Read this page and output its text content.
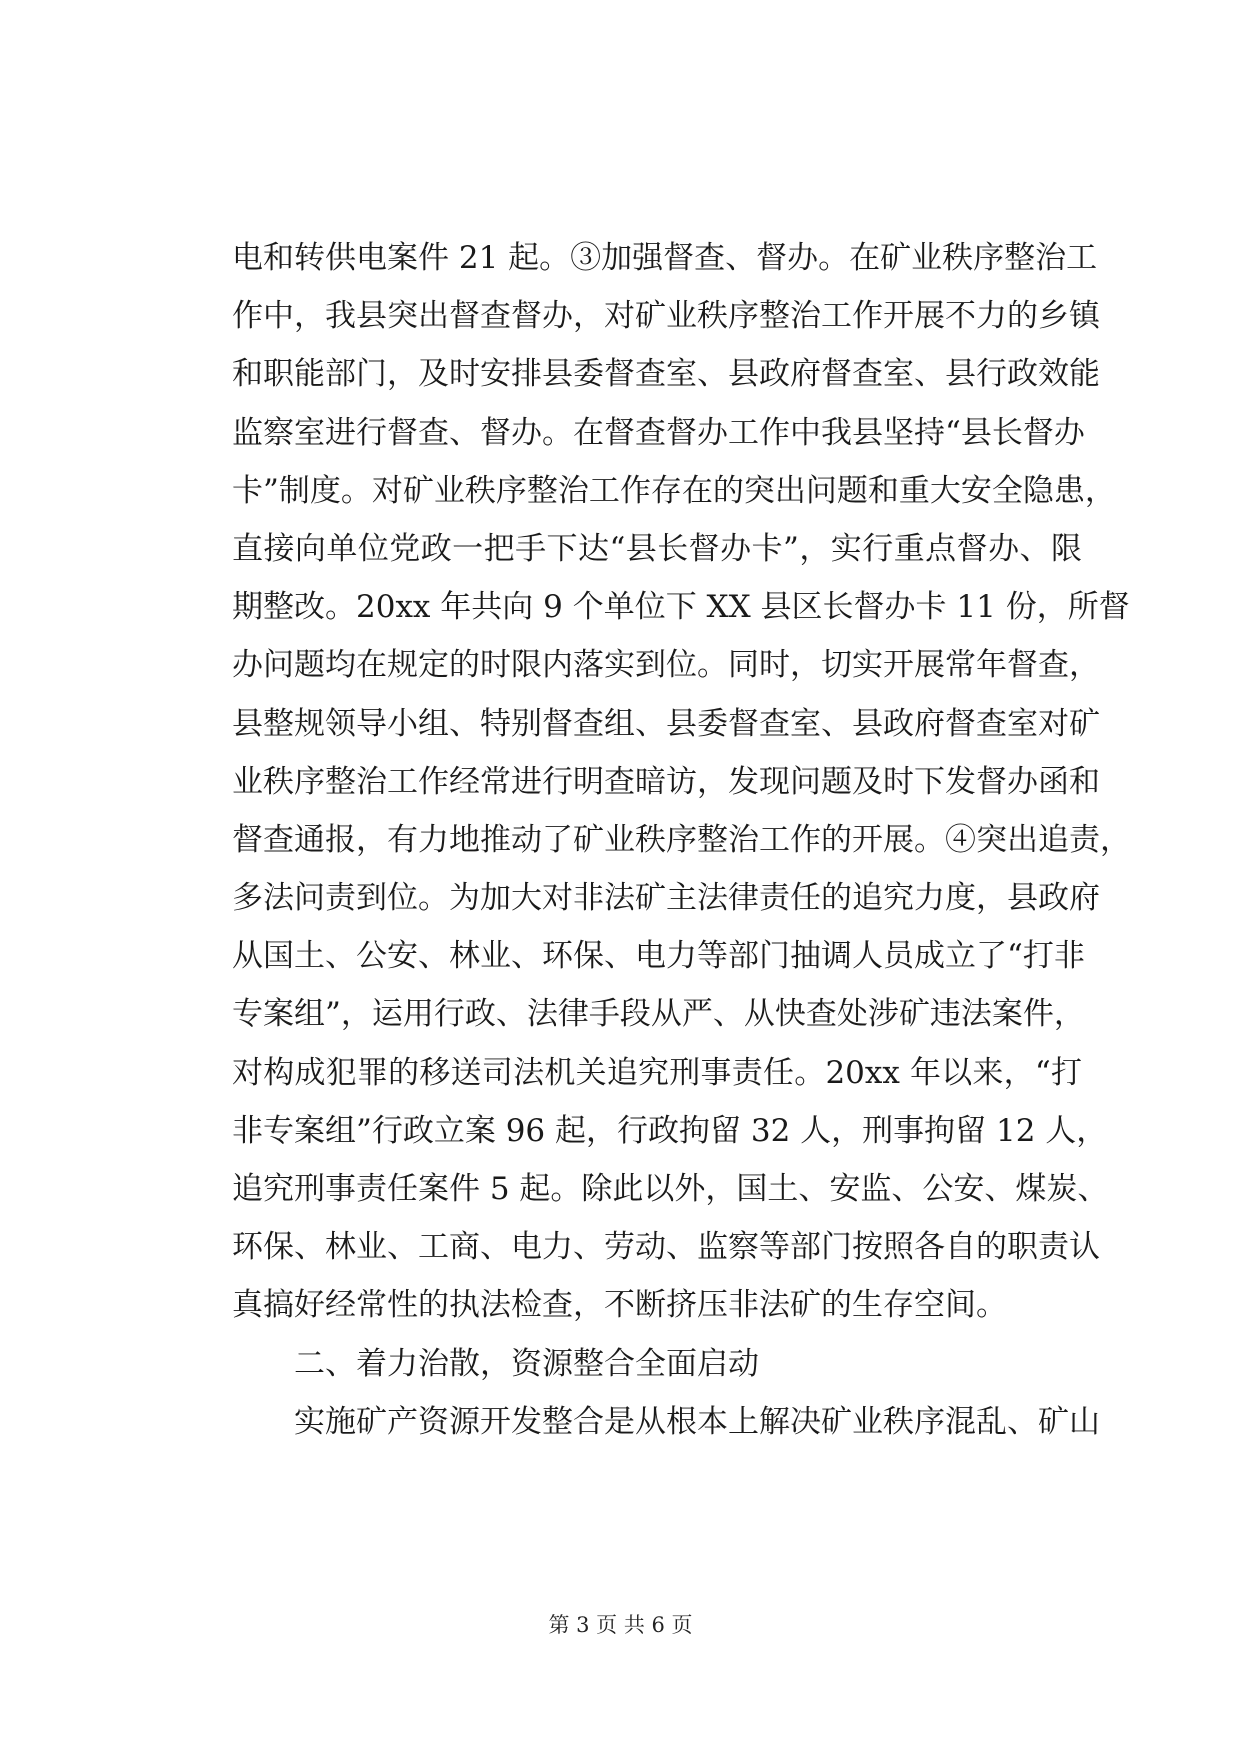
电和转供电案件 21 起。③加强督查、督办。在矿业秩序整治工
作中，我县突出督查督办，对矿业秩序整治工作开展不力的乡镇
和职能部门，及时安排县委督查室、县政府督查室、县行政效能
监察室进行督查、督办。在督查督办工作中我县坚持“县长督办
卡”制度。对矿业秩序整治工作存在的突出问题和重大安全隐患，
直接向单位党政一把手下达“县长督办卡”，实行重点督办、限
期整改。20xx 年共向 9 个单位下 XX 县区长督办卡 11 份，所督
办问题均在规定的时限内落实到位。同时，切实开展常年督查，
县整规领导小组、特别督查组、县委督查室、县政府督查室对矿
业秩序整治工作经常进行明查暗访，发现问题及时下发督办函和
督查通报，有力地推动了矿业秩序整治工作的开展。④突出追责，
多法问责到位。为加大对非法矿主法律责任的追究力度，县政府
从国土、公安、林业、环保、电力等部门抽调人员成立了“打非
专案组”，运用行政、法律手段从严、从快查处涉矿违法案件，
对构成犯罪的移送司法机关追究刑事责任。20xx 年以来，“打
非专案组”行政立案 96 起，行政拘留 32 人，刑事拘留 12 人，
追究刑事责任案件 5 起。除此以外，国土、安监、公安、煤炭、
环保、林业、工商、电力、劳动、监察等部门按照各自的职责认
真搞好经常性的执法检查，不断挤压非法矿的生存空间。
二、着力治散，资源整合全面启动
实施矿产资源开发整合是从根本上解决矿业秩序混乱、矿山
第 3 页 共 6 页
